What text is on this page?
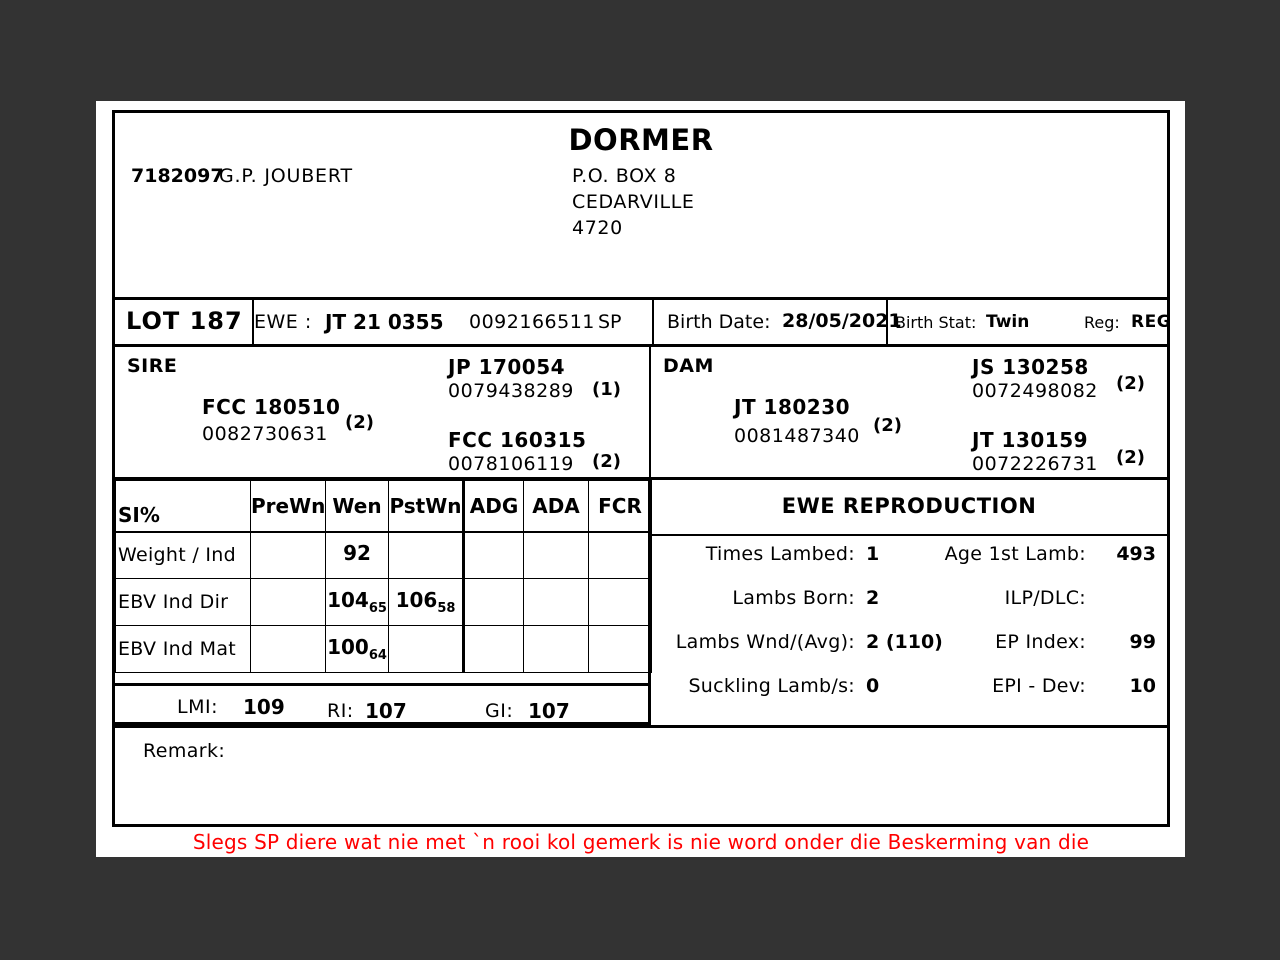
DORMER
7182097
G.P. JOUBERT	P.O. BOX 8
CEDARVILLE
4720
LOT 187 EWE : JT 21 0355 0092166511 SP Birth Date: 28/05/2021
Birth Stat: Twin	Reg: REG
SIRE
FCC 180510
0082730631
(2)
JP 170054
0079438289 (1)
FCC 160315
0078106119 (2)
DAM
JT 180230
0081487340 (2)
JS 130258
0072498082 (2)
JT 130159
0072226731 (2)
SI%	PreWn	Wen	PstWn	ADG	ADA	FCR
Weight / Ind		92				
EBV Ind Dir		$104_{65}$	$106_{58}$			
EBV Ind Mat		$100_{64}$				
LMI: 109 RI: 107	GI: 107
EWE REPRODUCTION
Times Lambed: 1	Age 1st Lamb:	493
Lambs Born: 2	ILP/DLC:
Lambs Wnd/(Avg): 2 (110)	EP Index:	99
Suckling Lamb/s: 0	EPI - Dev:	10
Remark:
Slegs SP diere wat nie met `n rooi kol gemerk is nie word onder die Beskerming van die
